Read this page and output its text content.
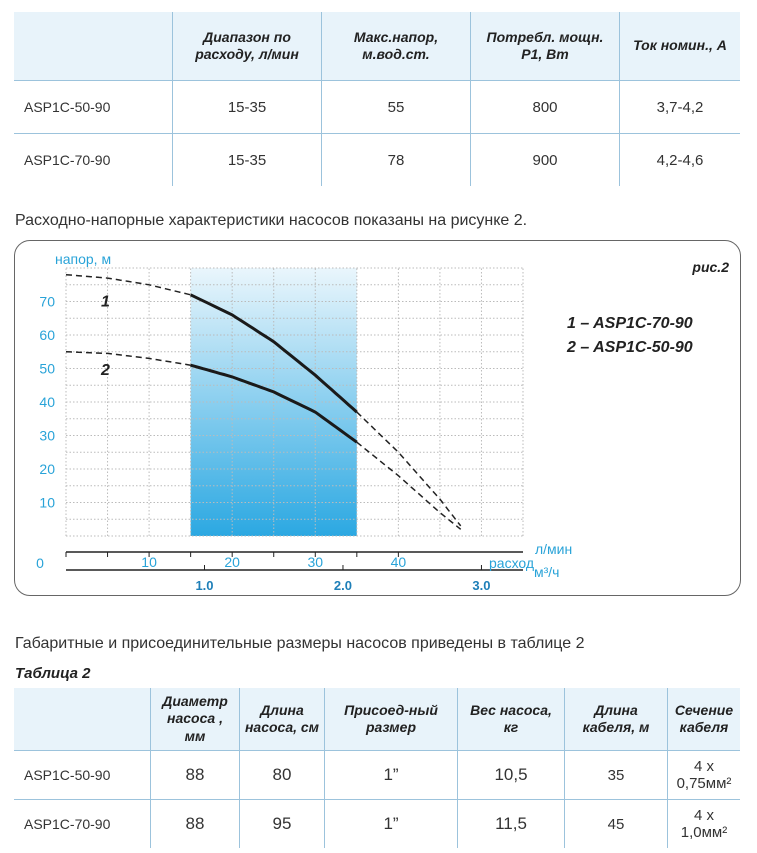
	Диапазон по расходу, л/мин	Макс.напор, м.вод.ст.	Потребл. мощн. Р1, Вт	Ток номин., А
ASP1C-50-90	15-35	55	800	3,7-4,2
ASP1C-70-90	15-35	78	900	4,2-4,6
Расходно-напорные характеристики насосов показаны на рисунке 2.
10
20
30
40
50
60
70
0	10	20	30	40
1.0	2.0	3.0
напор, м
расход
л/мин
м³/ч
рис.2
1 – ASP1C-70-90
2 – ASP1C-50-90
1
2
Габаритные и присоединительные размеры насосов приведены в таблице 2
Таблица 2
	Диаметр насоса , мм	Длина насоса, см	Присоед-ный размер	Вес насоса, кг	Длина кабеля, м	Сечение кабеля
ASP1C-50-90	88	80	1”	10,5	35	4 х 0,75мм²
ASP1C-70-90	88	95	1”	11,5	45	4 х 1,0мм²
